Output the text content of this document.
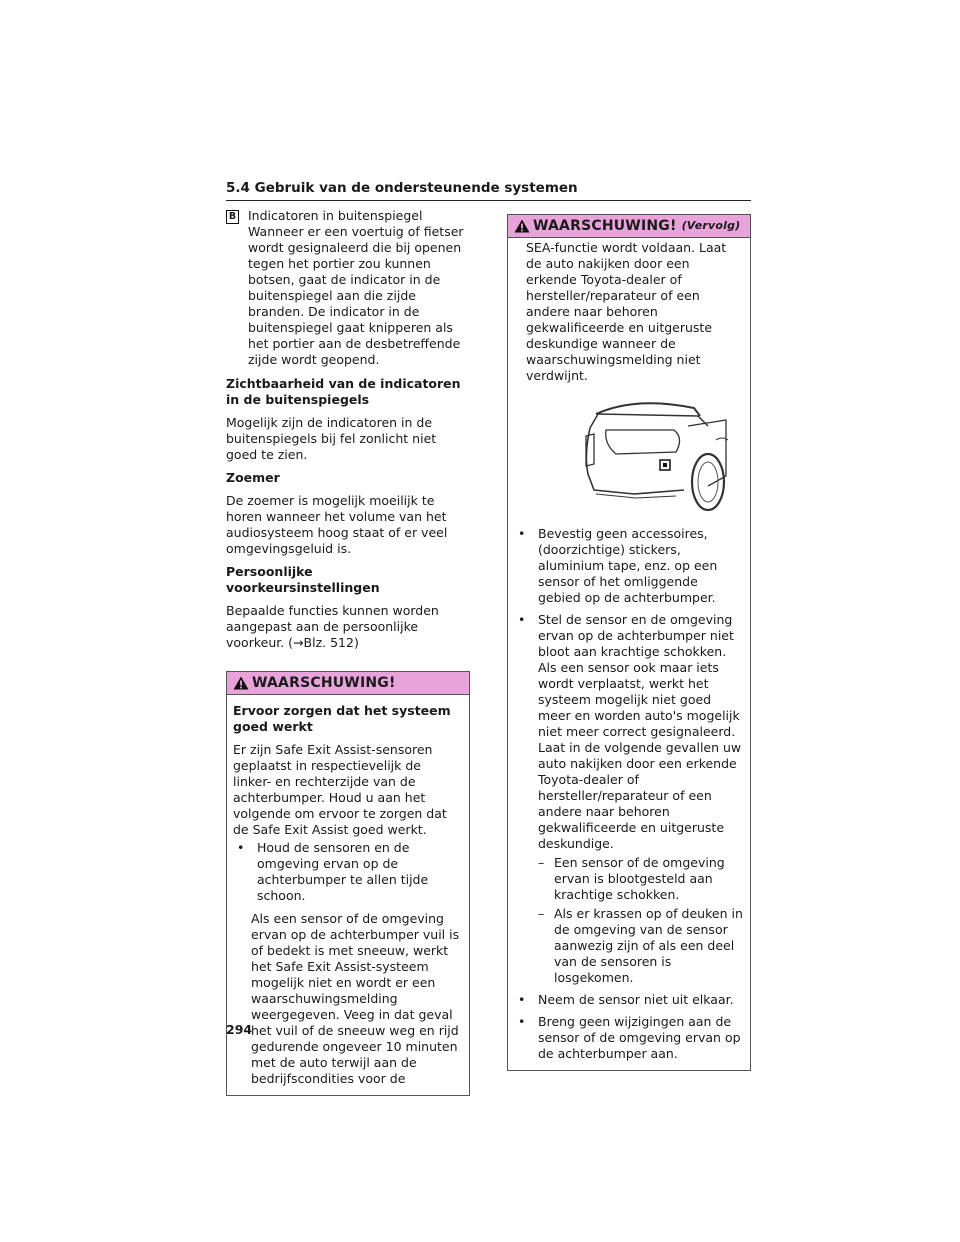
5.4 Gebruik van de ondersteunende systemen
B Indicatoren in buitenspiegel

Wanneer er een voertuig of fietser wordt gesignaleerd die bij openen tegen het portier zou kunnen botsen, gaat de indicator in de buitenspiegel aan die zijde branden. De indicator in de buitenspiegel gaat knipperen als het portier aan de desbetreffende zijde wordt geopend.

Zichtbaarheid van de indicatoren in de buitenspiegels

Mogelijk zijn de indicatoren in de buitenspiegels bij fel zonlicht niet goed te zien.

Zoemer

De zoemer is mogelijk moeilijk te horen wanneer het volume van het audiosysteem hoog staat of er veel omgevingsgeluid is.

Persoonlijke voorkeursinstellingen

Bepaalde functies kunnen worden aangepast aan de persoonlijke voorkeur. (→Blz. 512)

WAARSCHUWING!

Ervoor zorgen dat het systeem goed werkt

Er zijn Safe Exit Assist-sensoren geplaatst in respectievelijk de linker- en rechterzijde van de achterbumper. Houd u aan het volgende om ervoor te zorgen dat de Safe Exit Assist goed werkt.

• Houd de sensoren en de omgeving ervan op de achterbumper te allen tijde schoon.

Als een sensor of de omgeving ervan op de achterbumper vuil is of bedekt is met sneeuw, werkt het Safe Exit Assist-systeem mogelijk niet en wordt er een waarschuwingsmelding weergegeven. Veeg in dat geval het vuil of de sneeuw weg en rijd gedurende ongeveer 10 minuten met de auto terwijl aan de bedrijfscondities voor de

WAARSCHUWING! (Vervolg)

SEA-functie wordt voldaan. Laat de auto nakijken door een erkende Toyota-dealer of hersteller/reparateur of een andere naar behoren gekwalificeerde en uitgeruste deskundige wanneer de waarschuwingsmelding niet verdwijnt.

• Bevestig geen accessoires, (doorzichtige) stickers, aluminium tape, enz. op een sensor of het omliggende gebied op de achterbumper.

• Stel de sensor en de omgeving ervan op de achterbumper niet bloot aan krachtige schokken. Als een sensor ook maar iets wordt verplaatst, werkt het systeem mogelijk niet goed meer en worden auto's mogelijk niet meer correct gesignaleerd. Laat in de volgende gevallen uw auto nakijken door een erkende Toyota-dealer of hersteller/reparateur of een andere naar behoren gekwalificeerde en uitgeruste deskundige.

– Een sensor of de omgeving ervan is blootgesteld aan krachtige schokken.

– Als er krassen op of deuken in de omgeving van de sensor aanwezig zijn of als een deel van de sensoren is losgekomen.

• Neem de sensor niet uit elkaar.

• Breng geen wijzigingen aan de sensor of de omgeving ervan op de achterbumper aan.

294
